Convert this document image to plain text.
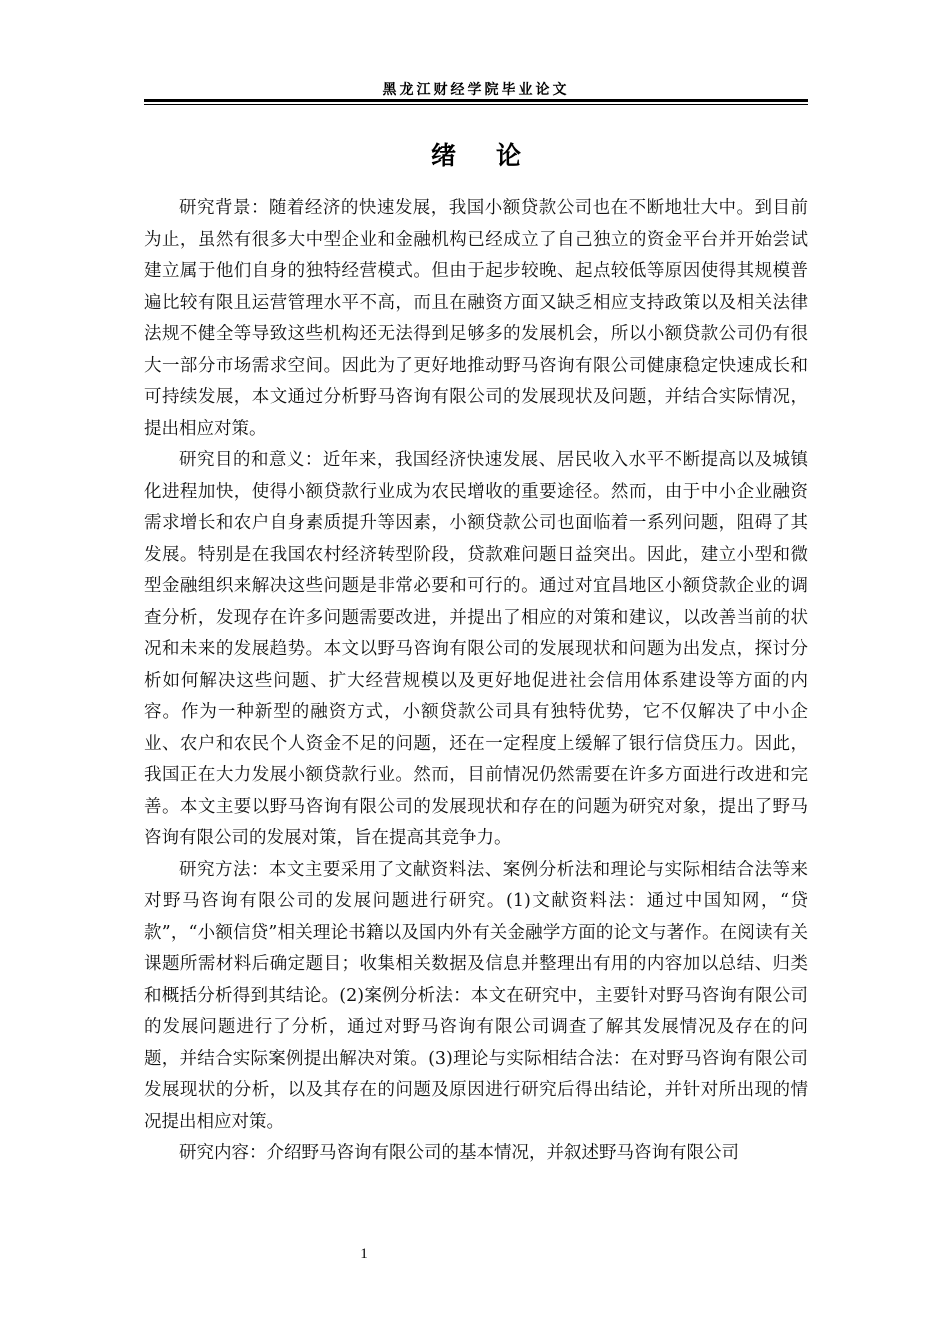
黑龙江财经学院毕业论文
绪论

研究背景：随着经济的快速发展，我国小额贷款公司也在不断地壮大中。到目前为止，虽然有很多大中型企业和金融机构已经成立了自己独立的资金平台并开始尝试建立属于他们自身的独特经营模式。但由于起步较晚、起点较低等原因使得其规模普遍比较有限且运营管理水平不高，而且在融资方面又缺乏相应支持政策以及相关法律法规不健全等导致这些机构还无法得到足够多的发展机会，所以小额贷款公司仍有很大一部分市场需求空间。因此为了更好地推动野马咨询有限公司健康稳定快速成长和可持续发展，本文通过分析野马咨询有限公司的发展现状及问题，并结合实际情况，提出相应对策。

研究目的和意义：近年来，我国经济快速发展、居民收入水平不断提高以及城镇化进程加快，使得小额贷款行业成为农民增收的重要途径。然而，由于中小企业融资需求增长和农户自身素质提升等因素，小额贷款公司也面临着一系列问题，阻碍了其发展。特别是在我国农村经济转型阶段，贷款难问题日益突出。因此，建立小型和微型金融组织来解决这些问题是非常必要和可行的。通过对宜昌地区小额贷款企业的调查分析，发现存在许多问题需要改进，并提出了相应的对策和建议，以改善当前的状况和未来的发展趋势。本文以野马咨询有限公司的发展现状和问题为出发点，探讨分析如何解决这些问题、扩大经营规模以及更好地促进社会信用体系建设等方面的内容。作为一种新型的融资方式，小额贷款公司具有独特优势，它不仅解决了中小企业、农户和农民个人资金不足的问题，还在一定程度上缓解了银行信贷压力。因此，我国正在大力发展小额贷款行业。然而，目前情况仍然需要在许多方面进行改进和完善。本文主要以野马咨询有限公司的发展现状和存在的问题为研究对象，提出了野马咨询有限公司的发展对策，旨在提高其竞争力。

研究方法：本文主要采用了文献资料法、案例分析法和理论与实际相结合法等来对野马咨询有限公司的发展问题进行研究。(1)文献资料法：通过中国知网，“贷款”，“小额信贷”相关理论书籍以及国内外有关金融学方面的论文与著作。在阅读有关课题所需材料后确定题目；收集相关数据及信息并整理出有用的内容加以总结、归类和概括分析得到其结论。(2)案例分析法：本文在研究中，主要针对野马咨询有限公司的发展问题进行了分析，通过对野马咨询有限公司调查了解其发展情况及存在的问题，并结合实际案例提出解决对策。(3)理论与实际相结合法：在对野马咨询有限公司发展现状的分析，以及其存在的问题及原因进行研究后得出结论，并针对所出现的情况提出相应对策。

研究内容：介绍野马咨询有限公司的基本情况，并叙述野马咨询有限公司

1
